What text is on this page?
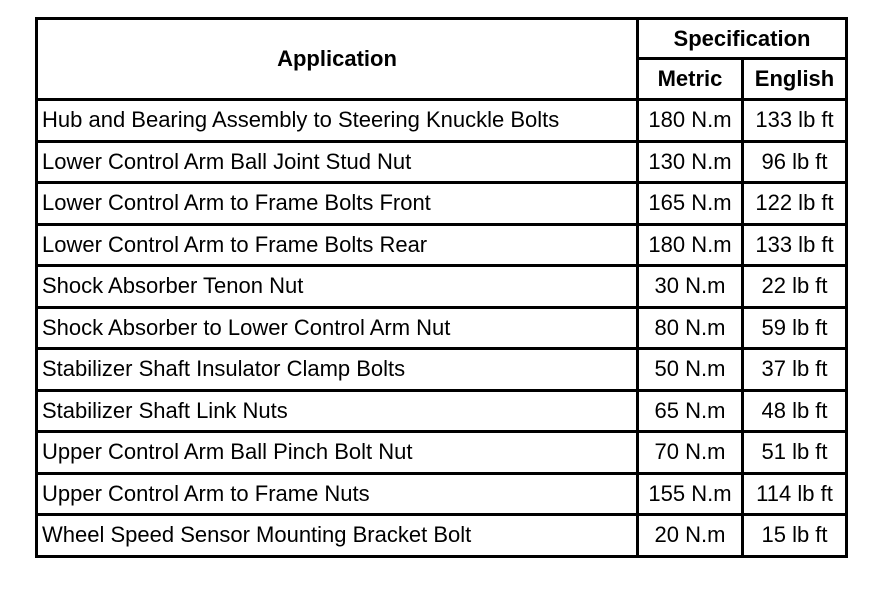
Application	Specification	
	Metric	English
Hub and Bearing Assembly to Steering Knuckle Bolts	180 N.m	133 lb ft
Lower Control Arm Ball Joint Stud Nut	130 N.m	96 lb ft
Lower Control Arm to Frame Bolts Front	165 N.m	122 lb ft
Lower Control Arm to Frame Bolts Rear	180 N.m	133 lb ft
Shock Absorber Tenon Nut	30 N.m	22 lb ft
Shock Absorber to Lower Control Arm Nut	80 N.m	59 lb ft
Stabilizer Shaft Insulator Clamp Bolts	50 N.m	37 lb ft
Stabilizer Shaft Link Nuts	65 N.m	48 lb ft
Upper Control Arm Ball Pinch Bolt Nut	70 N.m	51 lb ft
Upper Control Arm to Frame Nuts	155 N.m	114 lb ft
Wheel Speed Sensor Mounting Bracket Bolt	20 N.m	15 lb ft
